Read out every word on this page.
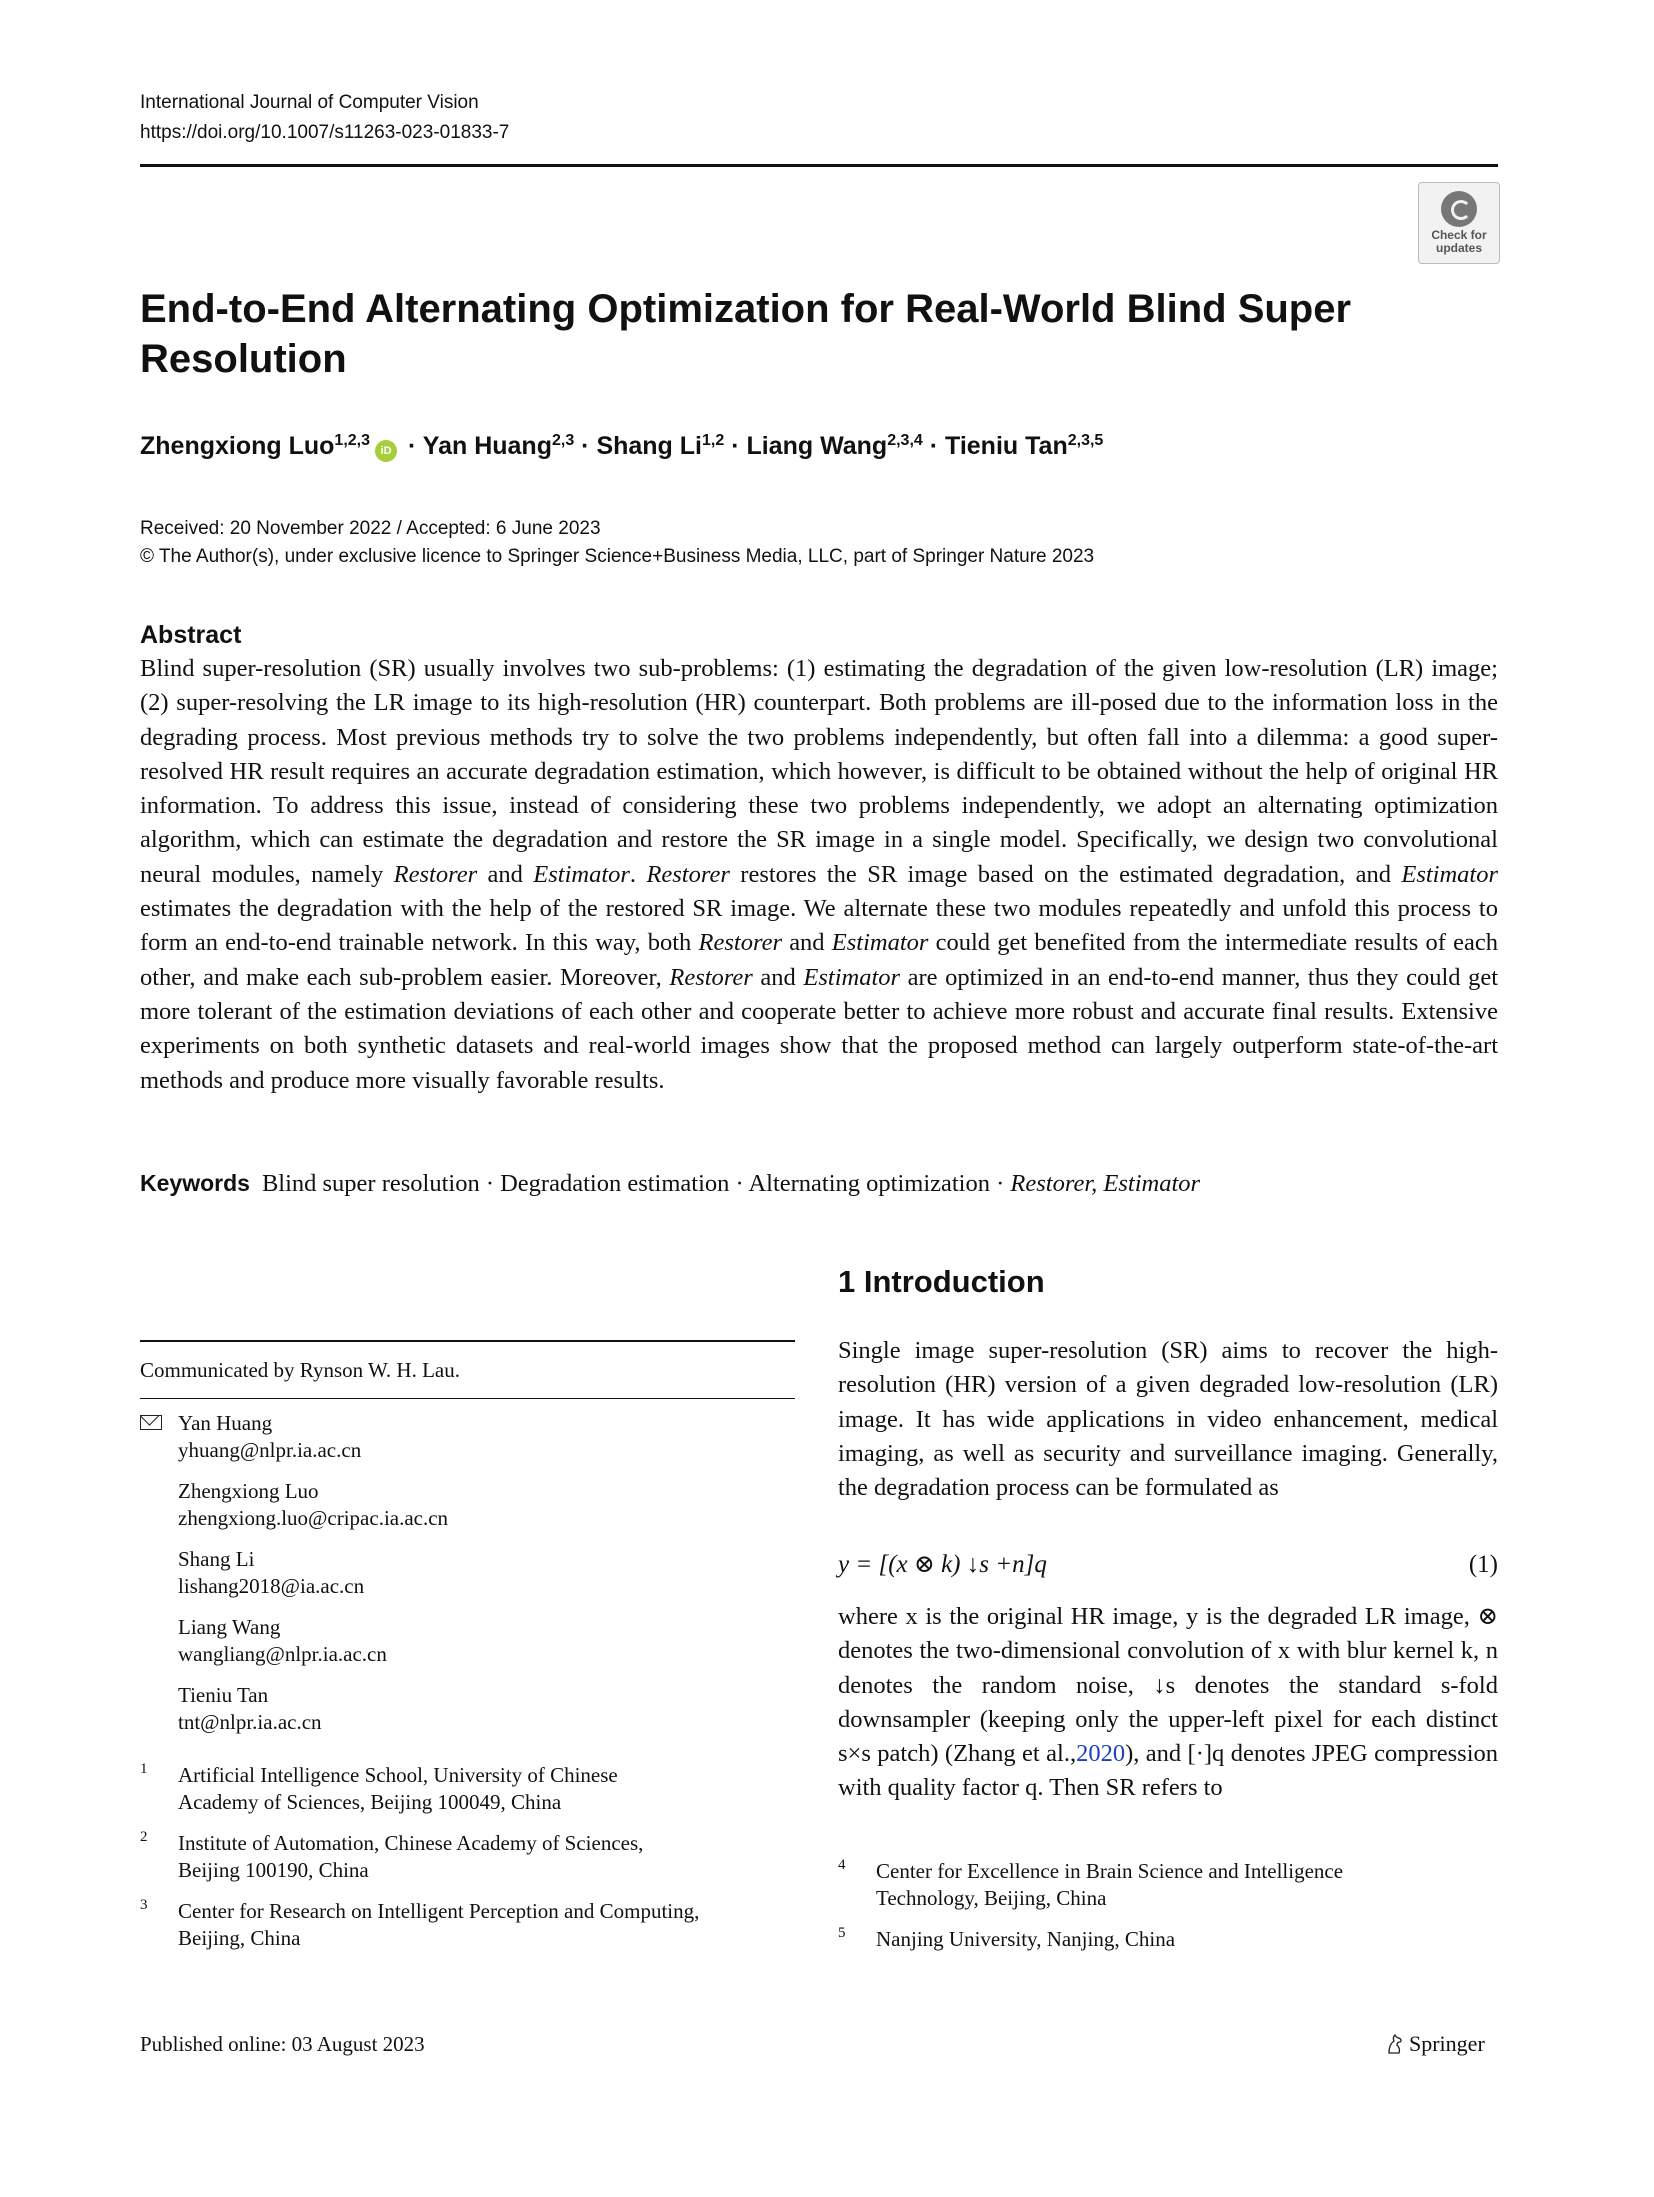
International Journal of Computer Vision
https://doi.org/10.1007/s11263-023-01833-7
Check for
updates
End-to-End Alternating Optimization for Real-World Blind Super Resolution
Zhengxiong Luo$^{1,2,3}$iD · Yan Huang$^{2,3}$ · Shang Li$^{1,2}$ · Liang Wang$^{2,3,4}$ · Tieniu Tan$^{2,3,5}$
Received: 20 November 2022 / Accepted: 6 June 2023
© The Author(s), under exclusive licence to Springer Science+Business Media, LLC, part of Springer Nature 2023
Abstract
Blind super-resolution (SR) usually involves two sub-problems: (1) estimating the degradation of the given low-resolution (LR) image; (2) super-resolving the LR image to its high-resolution (HR) counterpart. Both problems are ill-posed due to the information loss in the degrading process. Most previous methods try to solve the two problems independently, but often fall into a dilemma: a good super-resolved HR result requires an accurate degradation estimation, which however, is difficult to be obtained without the help of original HR information. To address this issue, instead of considering these two problems independently, we adopt an alternating optimization algorithm, which can estimate the degradation and restore the SR image in a single model. Specifically, we design two convolutional neural modules, namely Restorer and Estimator. Restorer restores the SR image based on the estimated degradation, and Estimator estimates the degradation with the help of the restored SR image. We alternate these two modules repeatedly and unfold this process to form an end-to-end trainable network. In this way, both Restorer and Estimator could get benefited from the intermediate results of each other, and make each sub-problem easier. Moreover, Restorer and Estimator are optimized in an end-to-end manner, thus they could get more tolerant of the estimation deviations of each other and cooperate better to achieve more robust and accurate final results. Extensive experiments on both synthetic datasets and real-world images show that the proposed method can largely outperform state-of-the-art methods and produce more visually favorable results.
Keywords Blind super resolution · Degradation estimation · Alternating optimization · Restorer, Estimator
1 Introduction
Single image super-resolution (SR) aims to recover the high-resolution (HR) version of a given degraded low-resolution (LR) image. It has wide applications in video enhancement, medical imaging, as well as security and surveillance imaging. Generally, the degradation process can be formulated as
y = [(x ⊗ k) ↓s +n]q	(1)
where x is the original HR image, y is the degraded LR image, ⊗ denotes the two-dimensional convolution of x with blur kernel k, n denotes the random noise, ↓s denotes the standard s-fold downsampler (keeping only the upper-left pixel for each distinct s×s patch) (Zhang et al.,2020), and [·]q denotes JPEG compression with quality factor q. Then SR refers to
Communicated by Rynson W. H. Lau.
Yan Huang
yhuang@nlpr.ia.ac.cn
Zhengxiong Luo
zhengxiong.luo@cripac.ia.ac.cn
Shang Li
lishang2018@ia.ac.cn
Liang Wang
wangliang@nlpr.ia.ac.cn
Tieniu Tan
tnt@nlpr.ia.ac.cn
1 Artificial Intelligence School, University of Chinese
Academy of Sciences, Beijing 100049, China
2 Institute of Automation, Chinese Academy of Sciences,
Beijing 100190, China
3 Center for Research on Intelligent Perception and Computing,
Beijing, China
4 Center for Excellence in Brain Science and Intelligence
Technology, Beijing, China
5 Nanjing University, Nanjing, China
Published online: 03 August 2023	Springer
